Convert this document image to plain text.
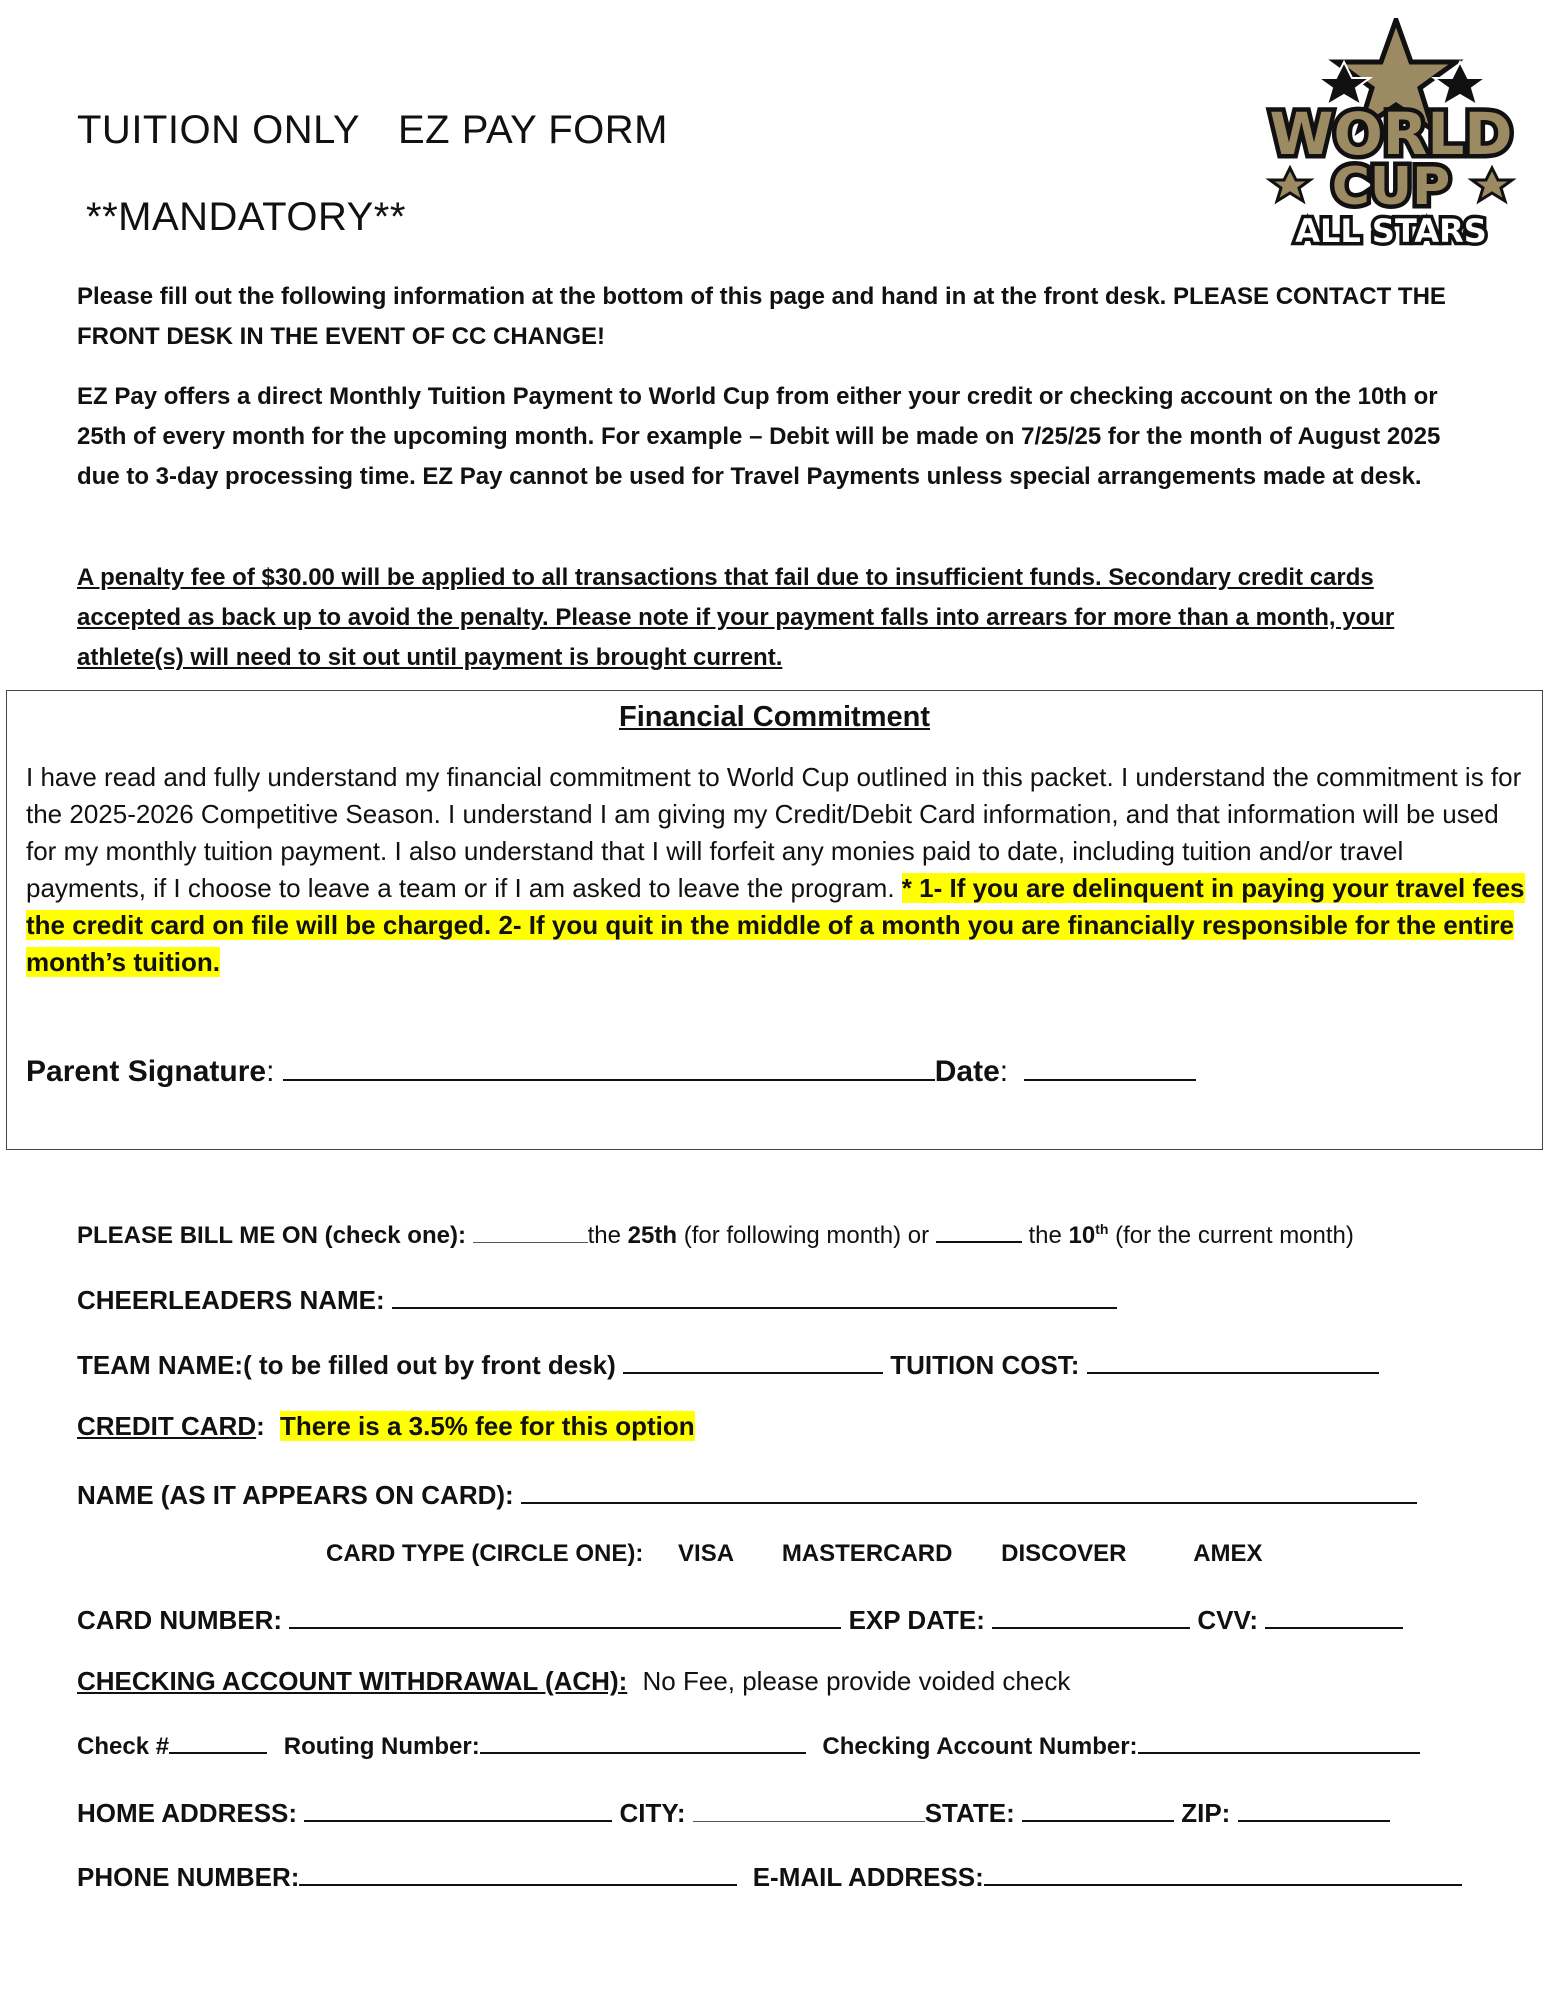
TUITION ONLY EZ PAY FORM
**MANDATORY**
WORLD
CUP
ALL STARS
Please fill out the following information at the bottom of this page and hand in at the front desk. PLEASE CONTACT THE FRONT DESK IN THE EVENT OF CC CHANGE!
EZ Pay offers a direct Monthly Tuition Payment to World Cup from either your credit or checking account on the 10th or 25th of every month for the upcoming month. For example – Debit will be made on 7/25/25 for the month of August 2025 due to 3-day processing time. EZ Pay cannot be used for Travel Payments unless special arrangements made at desk.
A penalty fee of $30.00 will be applied to all transactions that fail due to insufficient funds. Secondary credit cards accepted as back up to avoid the penalty. Please note if your payment falls into arrears for more than a month, your athlete(s) will need to sit out until payment is brought current.
Financial Commitment
I have read and fully understand my financial commitment to World Cup outlined in this packet. I understand the commitment is for the 2025-2026 Competitive Season. I understand I am giving my Credit/Debit Card information, and that information will be used for my monthly tuition payment. I also understand that I will forfeit any monies paid to date, including tuition and/or travel payments, if I choose to leave a team or if I am asked to leave the program. * 1- If you are delinquent in paying your travel fees the credit card on file will be charged. 2- If you quit in the middle of a month you are financially responsible for the entire month’s tuition.
Parent Signature:	Date:
PLEASE BILL ME ON (check one):	the 25th (for following month) or	the 10th (for the current month)
CHEERLEADERS NAME:
TEAM NAME:( to be filled out by front desk)	TUITION COST:
CREDIT CARD: There is a 3.5% fee for this option
NAME (AS IT APPEARS ON CARD):
CARD TYPE (CIRCLE ONE): VISA MASTERCARD DISCOVER	AMEX
CARD NUMBER:	EXP DATE:	CVV:
CHECKING ACCOUNT WITHDRAWAL (ACH): No Fee, please provide voided check
Check #	Routing Number:	Checking Account Number:
HOME ADDRESS:	CITY:	STATE:	ZIP:
PHONE NUMBER:	E-MAIL ADDRESS:
